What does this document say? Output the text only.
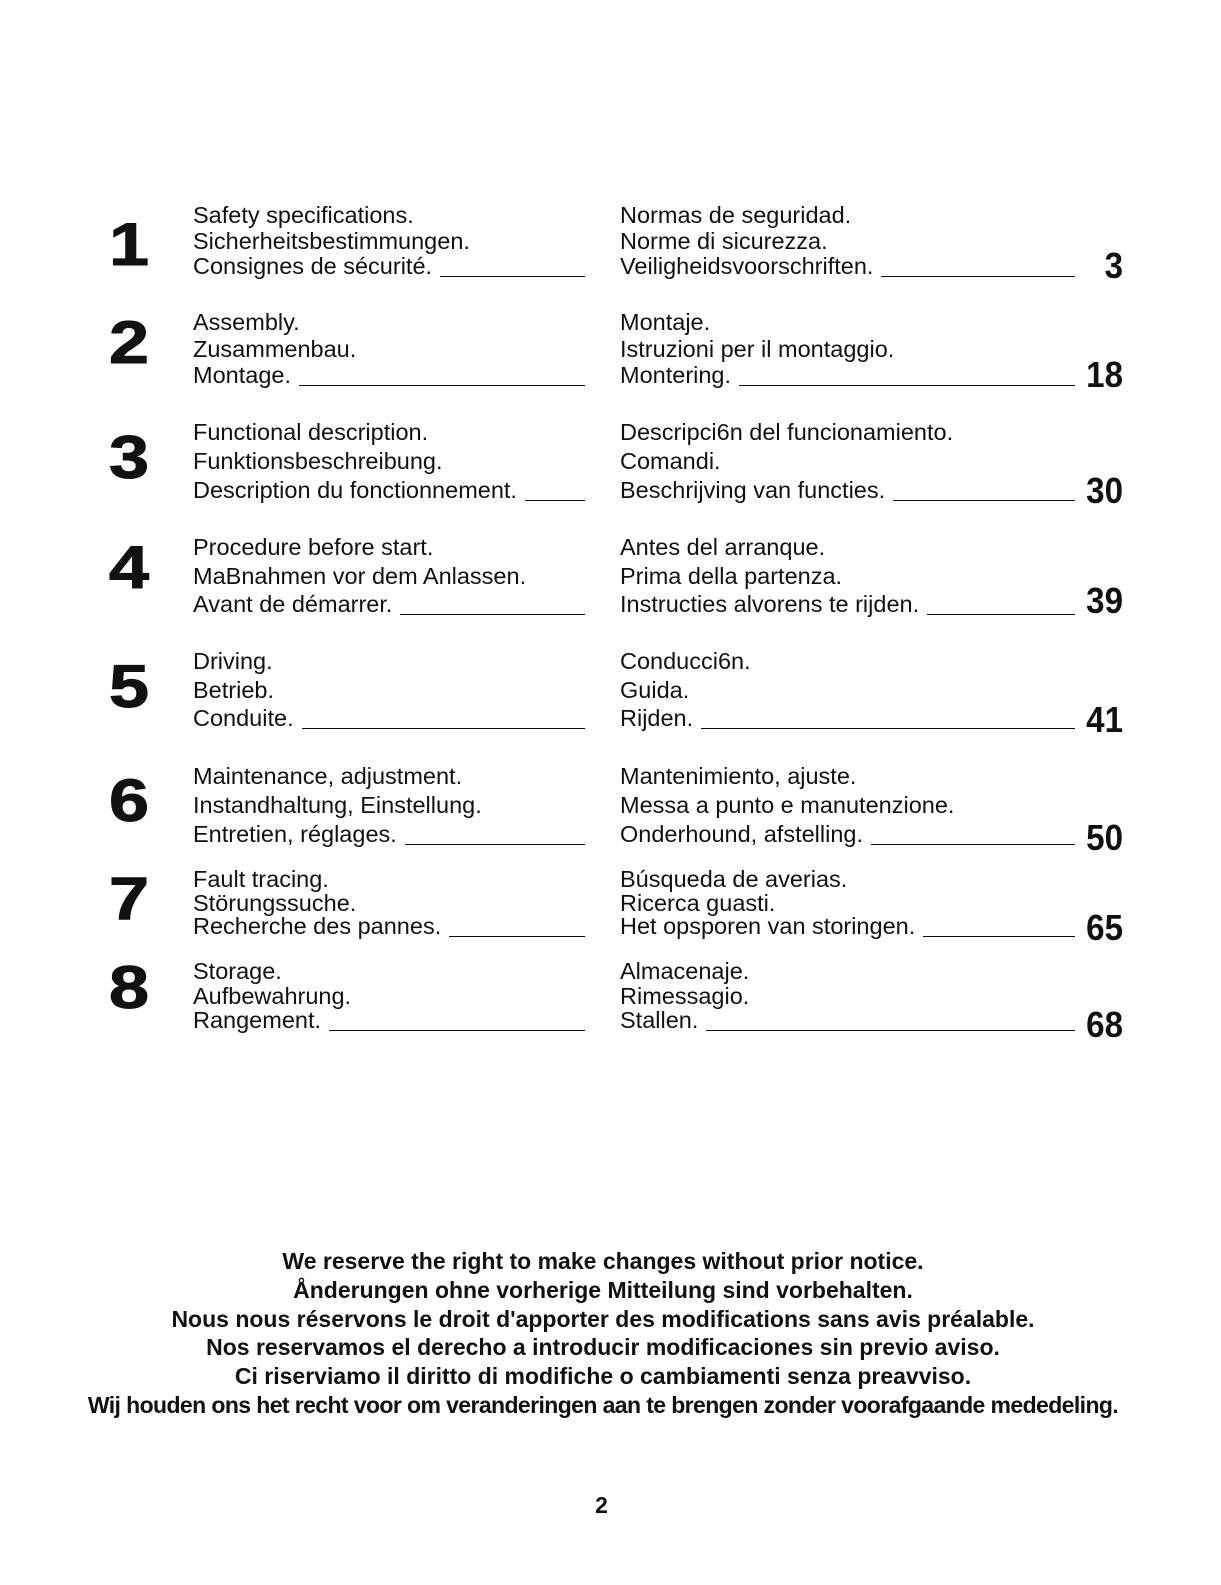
1	Safety specifications.
Sicherheitsbestimmungen.
Consignes de sécurité.
Normas de seguridad.
Norme di sicurezza.
Veiligheidsvoorschriften.	3
2	Assembly.
Zusammenbau.
Montage.
Montaje.
Istruzioni per il montaggio.
Montering.	18
3	Functional description.
Funktionsbeschreibung.
Description du fonctionnement.
Descripci6n del funcionamiento.
Comandi.
Beschrijving van functies.	30
4	Procedure before start.
MaBnahmen vor dem Anlassen.
Avant de démarrer.
Antes del arranque.
Prima della partenza.
Instructies alvorens te rijden.	39
5	Driving.
Betrieb.
Conduite.
Conducci6n.
Guida.
Rijden.	41
6	Maintenance, adjustment.
Instandhaltung, Einstellung.
Entretien, réglages.
Mantenimiento, ajuste.
Messa a punto e manutenzione.
Onderhound, afstelling.	50
7	Fault tracing.
Störungssuche.
Recherche des pannes.
Búsqueda de averias.
Ricerca guasti.
Het opsporen van storingen.	65
8	Storage.
Aufbewahrung.
Rangement.
Almacenaje.
Rimessagio.
Stallen.	68
We reserve the right to make changes without prior notice.
Ånderungen ohne vorherige Mitteilung sind vorbehalten.
Nous nous réservons le droit d'apporter des modifications sans avis préalable.
Nos reservamos el derecho a introducir modificaciones sin previo aviso.
Ci riserviamo il diritto di modifiche o cambiamenti senza preavviso.
Wij houden ons het recht voor om veranderingen aan te brengen zonder voorafgaande mededeling.
2
